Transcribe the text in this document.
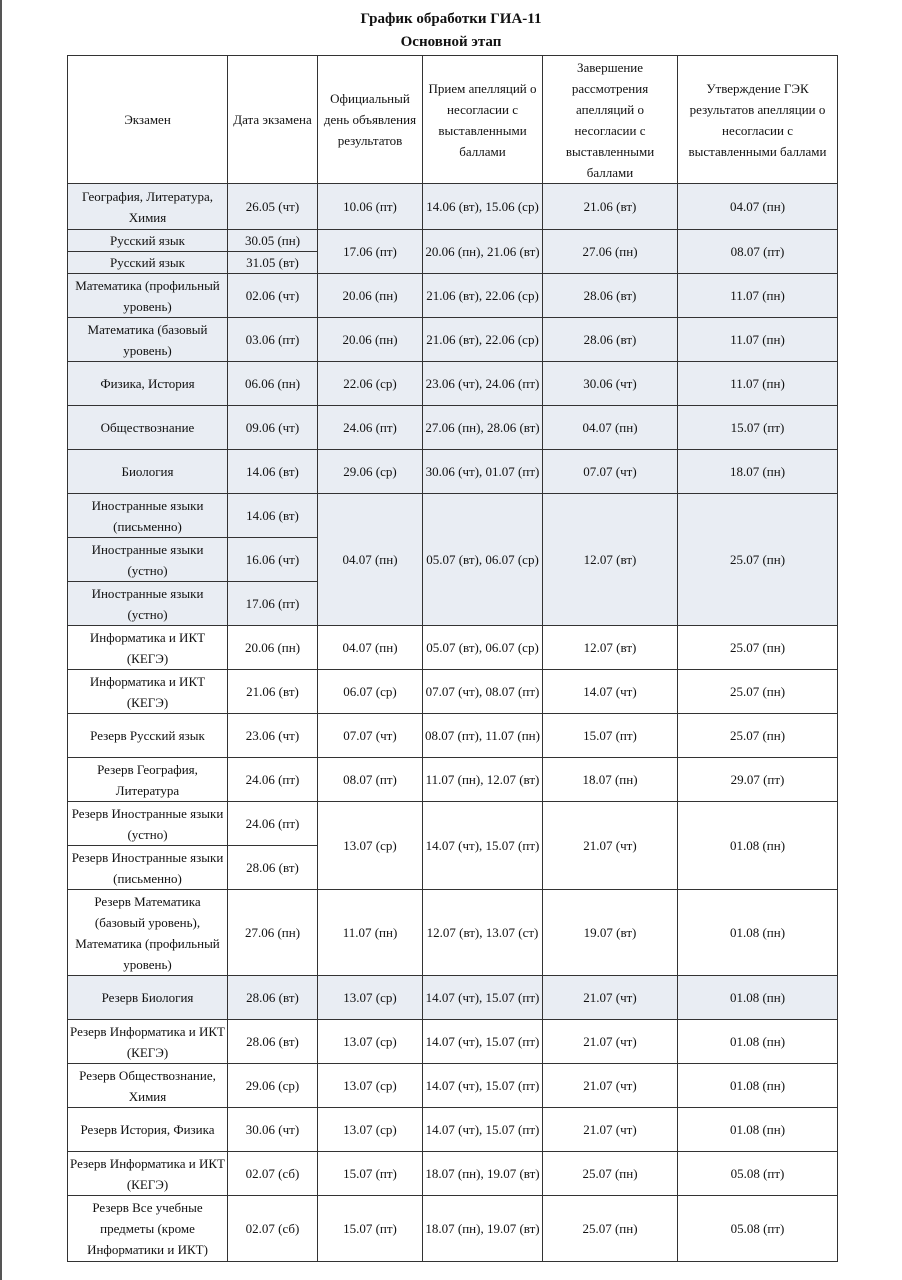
График обработки ГИА-11
Основной этап
Экзамен	Дата экзамена	Официальный день объявления результатов	Прием апелляций о несогласии с выставленными баллами	Завершение рассмотрения апелляций о несогласии с выставленными баллами	Утверждение ГЭК результатов апелляции о несогласии с выставленными баллами
География, Литература, Химия	26.05 (чт)	10.06 (пт)	14.06 (вт), 15.06 (ср)	21.06 (вт)	04.07 (пн)
Русский язык	30.05 (пн)	17.06 (пт)	20.06 (пн), 21.06 (вт)	27.06 (пн)	08.07 (пт)
Русский язык	31.05 (вт)				
Математика (профильный уровень)	02.06 (чт)	20.06 (пн)	21.06 (вт), 22.06 (ср)	28.06 (вт)	11.07 (пн)
Математика (базовый уровень)	03.06 (пт)	20.06 (пн)	21.06 (вт), 22.06 (ср)	28.06 (вт)	11.07 (пн)
Физика, История	06.06 (пн)	22.06 (ср)	23.06 (чт), 24.06 (пт)	30.06 (чт)	11.07 (пн)
Обществознание	09.06 (чт)	24.06 (пт)	27.06 (пн), 28.06 (вт)	04.07 (пн)	15.07 (пт)
Биология	14.06 (вт)	29.06 (ср)	30.06 (чт), 01.07 (пт)	07.07 (чт)	18.07 (пн)
Иностранные языки (письменно)	14.06 (вт)	04.07 (пн)	05.07 (вт), 06.07 (ср)	12.07 (вт)	25.07 (пн)
Иностранные языки (устно)	16.06 (чт)				
Иностранные языки (устно)	17.06 (пт)				
Информатика и ИКТ (КЕГЭ)	20.06 (пн)	04.07 (пн)	05.07 (вт), 06.07 (ср)	12.07 (вт)	25.07 (пн)
Информатика и ИКТ (КЕГЭ)	21.06 (вт)	06.07 (ср)	07.07 (чт), 08.07 (пт)	14.07 (чт)	25.07 (пн)
Резерв Русский язык	23.06 (чт)	07.07 (чт)	08.07 (пт), 11.07 (пн)	15.07 (пт)	25.07 (пн)
Резерв География, Литература	24.06 (пт)	08.07 (пт)	11.07 (пн), 12.07 (вт)	18.07 (пн)	29.07 (пт)
Резерв Иностранные языки (устно)	24.06 (пт)	13.07 (ср)	14.07 (чт), 15.07 (пт)	21.07 (чт)	01.08 (пн)
Резерв Иностранные языки (письменно)	28.06 (вт)				
Резерв Математика (базовый уровень), Математика (профильный уровень)	27.06 (пн)	11.07 (пн)	12.07 (вт), 13.07 (ст)	19.07 (вт)	01.08 (пн)
Резерв Биология	28.06 (вт)	13.07 (ср)	14.07 (чт), 15.07 (пт)	21.07 (чт)	01.08 (пн)
Резерв Информатика и ИКТ (КЕГЭ)	28.06 (вт)	13.07 (ср)	14.07 (чт), 15.07 (пт)	21.07 (чт)	01.08 (пн)
Резерв Обществознание, Химия	29.06 (ср)	13.07 (ср)	14.07 (чт), 15.07 (пт)	21.07 (чт)	01.08 (пн)
Резерв История, Физика	30.06 (чт)	13.07 (ср)	14.07 (чт), 15.07 (пт)	21.07 (чт)	01.08 (пн)
Резерв Информатика и ИКТ (КЕГЭ)	02.07 (сб)	15.07 (пт)	18.07 (пн), 19.07 (вт)	25.07 (пн)	05.08 (пт)
Резерв Все учебные предметы (кроме Информатики и ИКТ)	02.07 (сб)	15.07 (пт)	18.07 (пн), 19.07 (вт)	25.07 (пн)	05.08 (пт)
